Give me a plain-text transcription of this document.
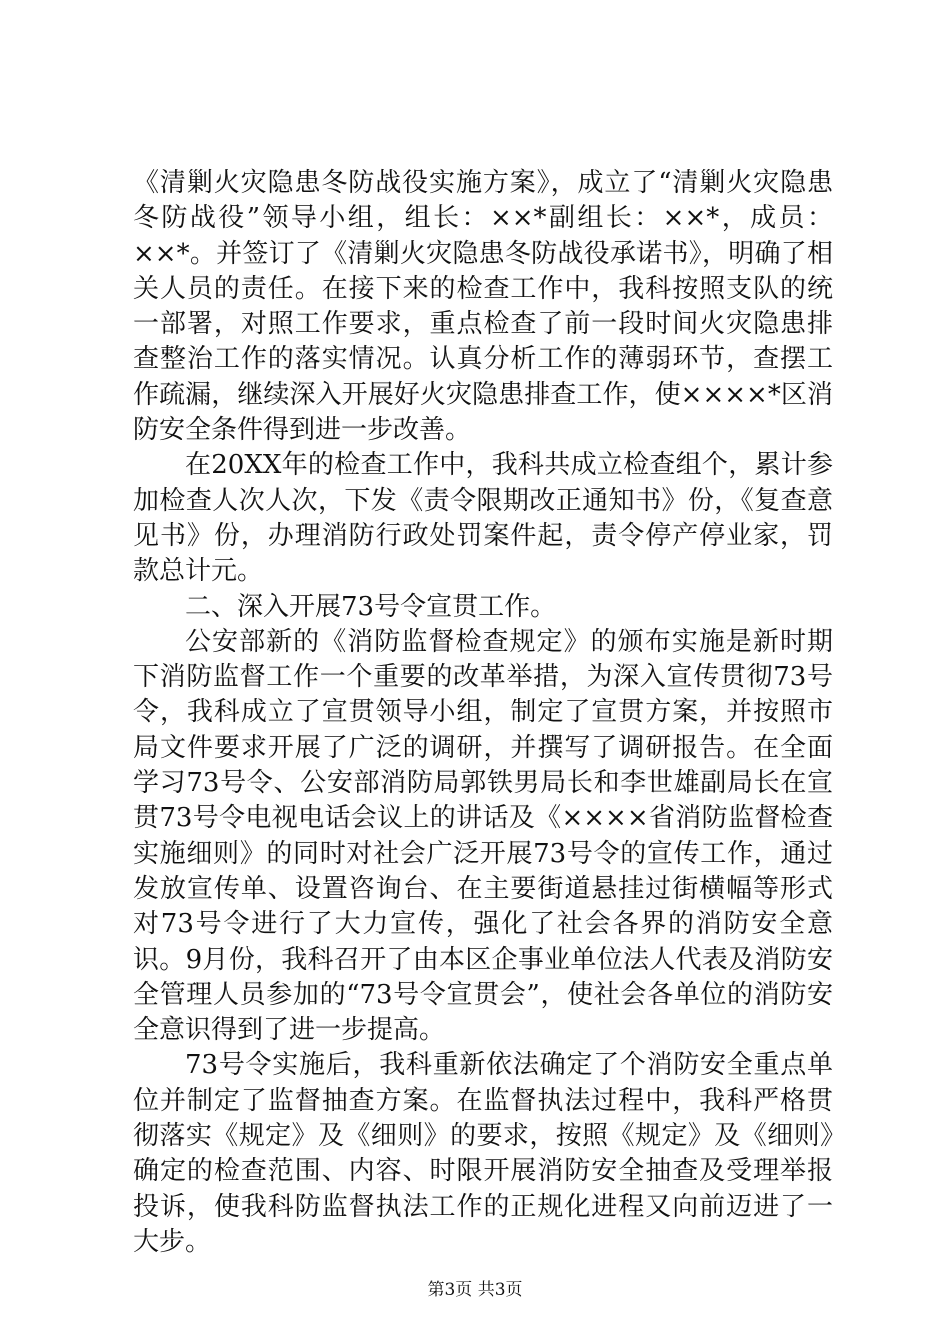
《清剿火灾隐患冬防战役实施方案》，成立了“清剿火灾隐患冬防战役”领导小组，组长：××*副组长：××*，成员：××*。并签订了《清剿火灾隐患冬防战役承诺书》，明确了相关人员的责任。在接下来的检查工作中，我科按照支队的统一部署，对照工作要求，重点检查了前一段时间火灾隐患排查整治工作的落实情况。认真分析工作的薄弱环节，查摆工作疏漏，继续深入开展好火灾隐患排查工作，使××××*区消防安全条件得到进一步改善。

在20XX年的检查工作中，我科共成立检查组个，累计参加检查人次人次，下发《责令限期改正通知书》份，《复查意见书》份，办理消防行政处罚案件起，责令停产停业家，罚款总计元。

二、深入开展73号令宣贯工作。

公安部新的《消防监督检查规定》的颁布实施是新时期下消防监督工作一个重要的改革举措，为深入宣传贯彻73号令，我科成立了宣贯领导小组，制定了宣贯方案，并按照市局文件要求开展了广泛的调研，并撰写了调研报告。在全面学习73号令、公安部消防局郭铁男局长和李世雄副局长在宣贯73号令电视电话会议上的讲话及《××××省消防监督检查实施细则》的同时对社会广泛开展73号令的宣传工作，通过发放宣传单、设置咨询台、在主要街道悬挂过街横幅等形式对73号令进行了大力宣传，强化了社会各界的消防安全意识。9月份，我科召开了由本区企事业单位法人代表及消防安全管理人员参加的“73号令宣贯会”，使社会各单位的消防安全意识得到了进一步提高。

73号令实施后，我科重新依法确定了个消防安全重点单位并制定了监督抽查方案。在监督执法过程中，我科严格贯彻落实《规定》及《细则》的要求，按照《规定》及《细则》确定的检查范围、内容、时限开展消防安全抽查及受理举报投诉，使我科防监督执法工作的正规化进程又向前迈进了一大步。

第3页 共3页
